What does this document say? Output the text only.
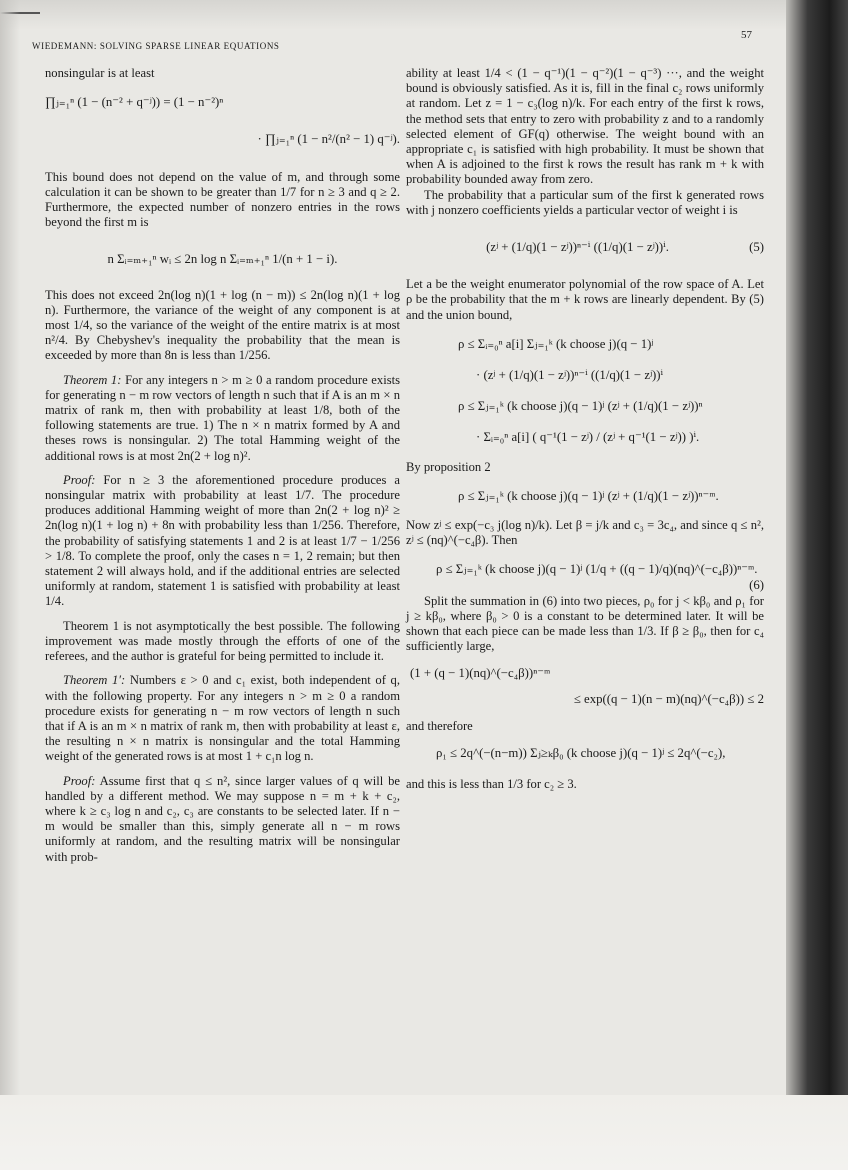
WIEDEMANN: SOLVING SPARSE LINEAR EQUATIONS
57

nonsingular is at least

∏ⱼ₌₁ⁿ (1 − (n⁻² + q⁻ʲ)) = (1 − n⁻²)ⁿ
· ∏ⱼ₌₁ⁿ (1 − n²/(n² − 1) q⁻ʲ).

This bound does not depend on the value of m, and through some calculation it can be shown to be greater than 1/7 for n ≥ 3 and q ≥ 2. Furthermore, the expected number of nonzero entries in the rows beyond the first m is

n Σᵢ₌ₘ₊₁ⁿ wᵢ ≤ 2n log n Σᵢ₌ₘ₊₁ⁿ 1/(n + 1 − i).

This does not exceed 2n(log n)(1 + log (n − m)) ≤ 2n(log n)(1 + log n). Furthermore, the variance of the weight of any component is at most 1/4, so the variance of the weight of the entire matrix is at most n²/4. By Chebyshev's inequality the probability that the mean is exceeded by more than 8n is less than 1/256.

Theorem 1: For any integers n > m ≥ 0 a random procedure exists for generating n − m row vectors of length n such that if A is an m × n matrix of rank m, then with probability at least 1/8, both of the following statements are true. 1) The n × n matrix formed by A and theses rows is nonsingular. 2) The total Hamming weight of the additional rows is at most 2n(2 + log n)².

Proof: For n ≥ 3 the aforementioned procedure produces a nonsingular matrix with probability at least 1/7. The procedure produces additional Hamming weight of more than 2n(2 + log n)² ≥ 2n(log n)(1 + log n) + 8n with probability less than 1/256. Therefore, the probability of satisfying statements 1 and 2 is at least 1/7 − 1/256 > 1/8. To complete the proof, only the cases n = 1, 2 remain; but then statement 2 will always hold, and if the additional entries are selected uniformly at random, statement 1 is satisfied with probability at least 1/4.

Theorem 1 is not asymptotically the best possible. The following improvement was made mostly through the efforts of one of the referees, and the author is grateful for being permitted to include it.

Theorem 1′: Numbers ε > 0 and c₁ exist, both independent of q, with the following property. For any integers n > m ≥ 0 a random procedure exists for generating n − m row vectors of length n such that if A is an m × n matrix of rank m, then with probability at least ε, the resulting n × n matrix is nonsingular and the total Hamming weight of the generated rows is at most 1 + c₁n log n.

Proof: Assume first that q ≤ n², since larger values of q will be handled by a different method. We may suppose n = m + k + c₂, where k ≥ c₃ log n and c₂, c₃ are constants to be selected later. If n − m would be smaller than this, simply generate all n − m rows uniformly at random, and the resulting matrix will be nonsingular with prob-

ability at least 1/4 < (1 − q⁻¹)(1 − q⁻²)(1 − q⁻³) ···, and the weight bound is obviously satisfied. As it is, fill in the final c₂ rows uniformly at random. Let z = 1 − c₃(log n)/k. For each entry of the first k rows, the method sets that entry to zero with probability z and to a randomly selected element of GF(q) otherwise. The weight bound with an appropriate c₁ is satisfied with high probability. It must be shown that when A is adjoined to the first k rows the result has rank m + k with probability bounded away from zero.

The probability that a particular sum of the first k generated rows with j nonzero coefficients yields a particular vector of weight i is

(zʲ + (1/q)(1 − zʲ))ⁿ⁻ⁱ ((1/q)(1 − zʲ))ⁱ.	(5)

Let a be the weight enumerator polynomial of the row space of A. Let ρ be the probability that the m + k rows are linearly dependent. By (5) and the union bound,

ρ ≤ Σᵢ₌₀ⁿ a[i] Σⱼ₌₁ᵏ (k choose j)(q − 1)ʲ
· (zʲ + (1/q)(1 − zʲ))ⁿ⁻ⁱ ((1/q)(1 − zʲ))ⁱ
ρ ≤ Σⱼ₌₁ᵏ (k choose j)(q − 1)ʲ (zʲ + (1/q)(1 − zʲ))ⁿ
· Σᵢ₌₀ⁿ a[i] ( q⁻¹(1 − zʲ) / (zʲ + q⁻¹(1 − zʲ)) )ⁱ.

By proposition 2

ρ ≤ Σⱼ₌₁ᵏ (k choose j)(q − 1)ʲ (zʲ + (1/q)(1 − zʲ))ⁿ⁻ᵐ.

Now zʲ ≤ exp(−c₃ j(log n)/k). Let β = j/k and c₃ = 3c₄, and since q ≤ n², zʲ ≤ (nq)^(−c₄β). Then

ρ ≤ Σⱼ₌₁ᵏ (k choose j)(q − 1)ʲ (1/q + ((q − 1)/q)(nq)^(−c₄β))ⁿ⁻ᵐ.
(6)

Split the summation in (6) into two pieces, ρ₀ for j < kβ₀ and ρ₁ for j ≥ kβ₀, where β₀ > 0 is a constant to be determined later. It will be shown that each piece can be made less than 1/3. If β ≥ β₀, then for c₄ sufficiently large,

(1 + (q − 1)(nq)^(−c₄β))ⁿ⁻ᵐ
≤ exp((q − 1)(n − m)(nq)^(−c₄β)) ≤ 2

and therefore

ρ₁ ≤ 2q^(−(n−m)) Σⱼ≥ₖβ₀ (k choose j)(q − 1)ʲ ≤ 2q^(−c₂),

and this is less than 1/3 for c₂ ≥ 3.
